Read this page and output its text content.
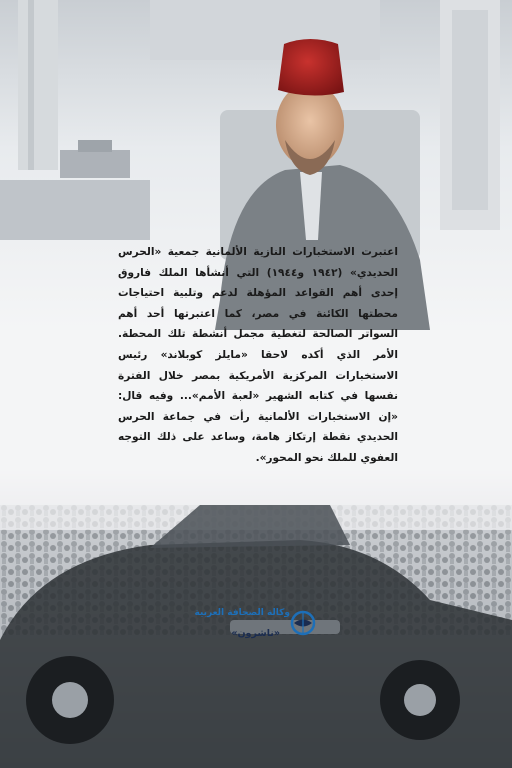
اعتبرت الاستخبارات النازية الألمانية جمعية «الحرس الحديدي» (١٩٤٢ و١٩٤٤) التي أنشأها الملك فاروق إحدى أهم القواعد المؤهلة لدعم وتلبية احتياجات محطتها الكائنة في مصر، كما اعتبرتها أحد أهم السواتر الصالحة لتغطية مجمل أنشطة تلك المحطة. الأمر الذي أكده لاحقا «مايلز كوبلاند» رئيس الاستخبارات المركزية الأمريكية بمصر خلال الفترة نفسها في كتابه الشهير «لعبة الأمم»... وفيه قال: «إن الاستخبارات الألمانية رأت في جماعة الحرس الحديدي نقطة إرتكاز هامة، وساعد على ذلك التوجه العفوي للملك نحو المحور».
وكالة الصحافة العربية
«ناشرون»
